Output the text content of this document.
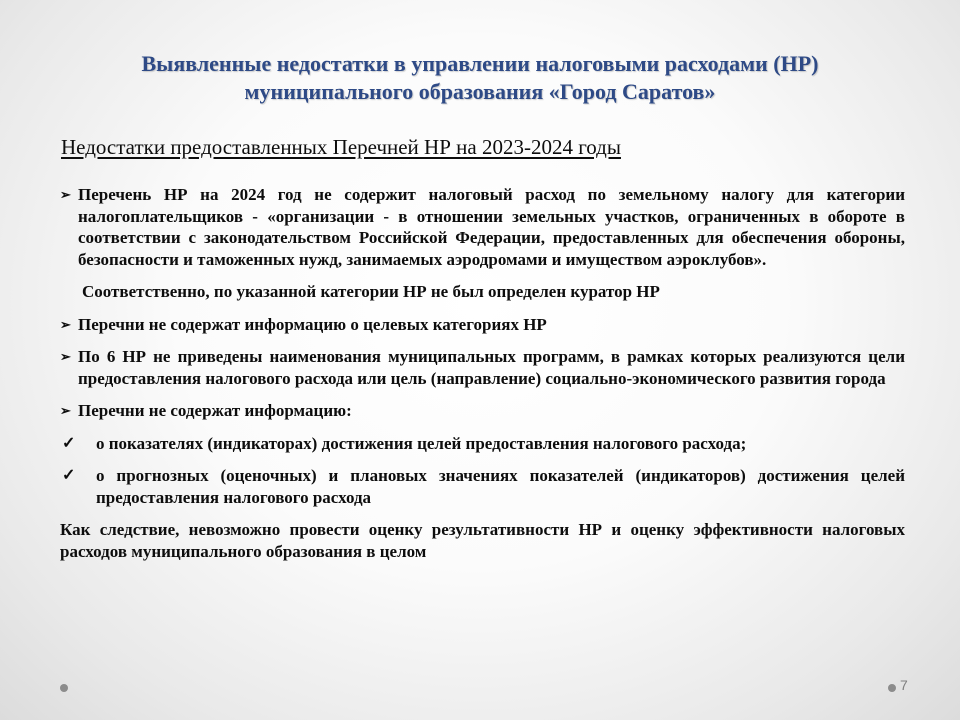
Выявленные недостатки в управлении налоговыми расходами (НР)
муниципального образования «Город Саратов»
Недостатки предоставленных Перечней НР на 2023-2024 годы
➢ Перечень НР на 2024 год не содержит налоговый расход по земельному налогу для категории налогоплательщиков - «организации - в отношении земельных участков, ограниченных в обороте в соответствии с законодательством Российской Федерации, предоставленных для обеспечения обороны, безопасности и таможенных нужд, занимаемых аэродромами и имуществом аэроклубов».
Соответственно, по указанной категории НР не был определен куратор НР
➢ Перечни не содержат информацию о целевых категориях НР
➢ По 6 НР не приведены наименования муниципальных программ, в рамках которых реализуются цели предоставления налогового расхода или цель (направление) социально-экономического развития города
➢ Перечни не содержат информацию:
✓ о показателях (индикаторах) достижения целей предоставления налогового расхода;
✓ о прогнозных (оценочных) и плановых значениях показателей (индикаторов) достижения целей предоставления налогового расхода
Как следствие, невозможно провести оценку результативности НР и оценку эффективности налоговых расходов муниципального образования в целом
7
